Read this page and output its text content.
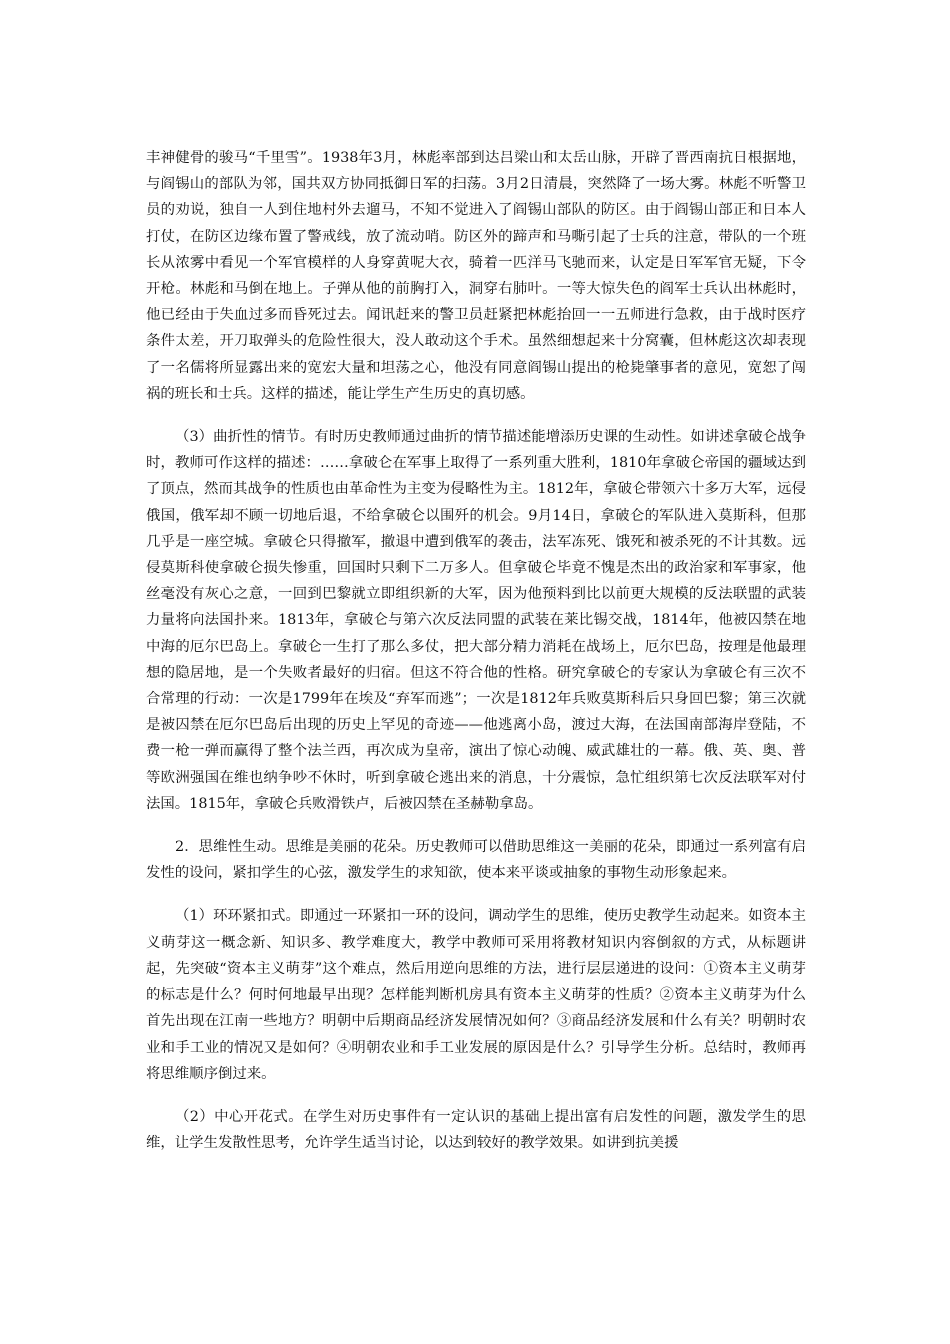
丰神健骨的骏马“千里雪”。1938年3月，林彪率部到达吕梁山和太岳山脉，开辟了晋西南抗日根据地，与阎锡山的部队为邻，国共双方协同抵御日军的扫荡。3月2日清晨，突然降了一场大雾。林彪不听警卫员的劝说，独自一人到住地村外去遛马，不知不觉进入了阎锡山部队的防区。由于阎锡山部正和日本人打仗，在防区边缘布置了警戒线，放了流动哨。防区外的蹄声和马嘶引起了士兵的注意，带队的一个班长从浓雾中看见一个军官模样的人身穿黄呢大衣，骑着一匹洋马飞驰而来，认定是日军军官无疑，下令开枪。林彪和马倒在地上。子弹从他的前胸打入，洞穿右肺叶。一等大惊失色的阎军士兵认出林彪时，他已经由于失血过多而昏死过去。闻讯赶来的警卫员赶紧把林彪抬回一一五师进行急救，由于战时医疗条件太差，开刀取弹头的危险性很大，没人敢动这个手术。虽然细想起来十分窝囊，但林彪这次却表现了一名儒将所显露出来的宽宏大量和坦荡之心，他没有同意阎锡山提出的枪毙肇事者的意见，宽恕了闯祸的班长和士兵。这样的描述，能让学生产生历史的真切感。

（3）曲折性的情节。有时历史教师通过曲折的情节描述能增添历史课的生动性。如讲述拿破仑战争时，教师可作这样的描述：……拿破仑在军事上取得了一系列重大胜利，1810年拿破仑帝国的疆域达到了顶点，然而其战争的性质也由革命性为主变为侵略性为主。1812年，拿破仑带领六十多万大军，远侵俄国，俄军却不顾一切地后退，不给拿破仑以围歼的机会。9月14日，拿破仑的军队进入莫斯科，但那几乎是一座空城。拿破仑只得撤军，撤退中遭到俄军的袭击，法军冻死、饿死和被杀死的不计其数。远侵莫斯科使拿破仑损失惨重，回国时只剩下二万多人。但拿破仑毕竟不愧是杰出的政治家和军事家，他丝毫没有灰心之意，一回到巴黎就立即组织新的大军，因为他预料到比以前更大规模的反法联盟的武装力量将向法国扑来。1813年，拿破仑与第六次反法同盟的武装在莱比锡交战，1814年，他被囚禁在地中海的厄尔巴岛上。拿破仑一生打了那么多仗，把大部分精力消耗在战场上，厄尔巴岛，按理是他最理想的隐居地，是一个失败者最好的归宿。但这不符合他的性格。研究拿破仑的专家认为拿破仑有三次不合常理的行动：一次是1799年在埃及“弃军而逃”；一次是1812年兵败莫斯科后只身回巴黎；第三次就是被囚禁在厄尔巴岛后出现的历史上罕见的奇迹——他逃离小岛，渡过大海，在法国南部海岸登陆，不费一枪一弹而赢得了整个法兰西，再次成为皇帝，演出了惊心动魄、威武雄壮的一幕。俄、英、奥、普等欧洲强国在维也纳争吵不休时，听到拿破仑逃出来的消息，十分震惊，急忙组织第七次反法联军对付法国。1815年，拿破仑兵败滑铁卢，后被囚禁在圣赫勒拿岛。

2．思维性生动。思维是美丽的花朵。历史教师可以借助思维这一美丽的花朵，即通过一系列富有启发性的设问，紧扣学生的心弦，激发学生的求知欲，使本来平谈或抽象的事物生动形象起来。

（1）环环紧扣式。即通过一环紧扣一环的设问，调动学生的思维，使历史教学生动起来。如资本主义萌芽这一概念新、知识多、教学难度大，教学中教师可采用将教材知识内容倒叙的方式，从标题讲起，先突破“资本主义萌芽”这个难点，然后用逆向思维的方法，进行层层递进的设问：①资本主义萌芽的标志是什么？何时何地最早出现？怎样能判断机房具有资本主义萌芽的性质？②资本主义萌芽为什么首先出现在江南一些地方？明朝中后期商品经济发展情况如何？③商品经济发展和什么有关？明朝时农业和手工业的情况又是如何？④明朝农业和手工业发展的原因是什么？引导学生分析。总结时，教师再将思维顺序倒过来。

（2）中心开花式。在学生对历史事件有一定认识的基础上提出富有启发性的问题，激发学生的思维，让学生发散性思考，允许学生适当讨论，以达到较好的教学效果。如讲到抗美援
